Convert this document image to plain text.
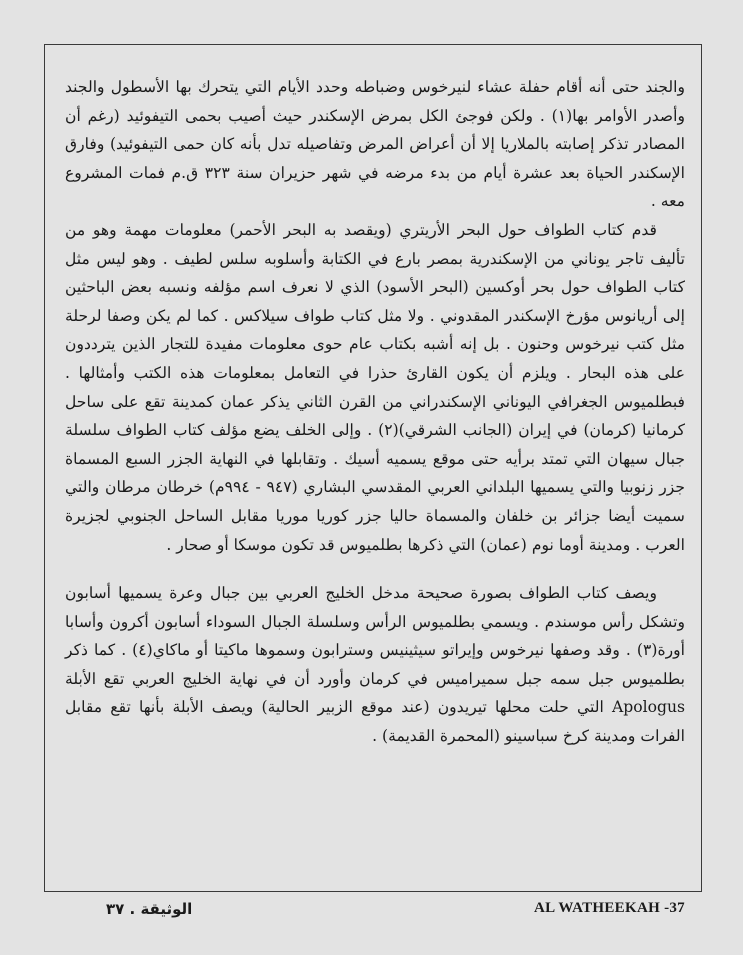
والجند حتى أنه أقام حفلة عشاء لنيرخوس وضباطه وحدد الأيام التي يتحرك بها الأسطول والجند وأصدر الأوامر بها(١) . ولكن فوجئ الكل بمرض الإسكندر حيث أصيب بحمى التيفوئيد (رغم أن المصادر تذكر إصابته بالملاريا إلا أن أعراض المرض وتفاصيله تدل بأنه كان حمى التيفوئيد) وفارق الإسكندر الحياة بعد عشرة أيام من بدء مرضه في شهر حزيران سنة ٣٢٣ ق.م فمات المشروع معه .

قدم كتاب الطواف حول البحر الأريتري (ويقصد به البحر الأحمر) معلومات مهمة وهو من تأليف تاجر يوناني من الإسكندرية بمصر بارع في الكتابة وأسلوبه سلس لطيف . وهو ليس مثل كتاب الطواف حول بحر أوكسين (البحر الأسود) الذي لا نعرف اسم مؤلفه ونسبه بعض الباحثين إلى أريانوس مؤرخ الإسكندر المقدوني . ولا مثل كتاب طواف سيلاكس . كما لم يكن وصفا لرحلة مثل كتب نيرخوس وحنون . بل إنه أشبه بكتاب عام حوى معلومات مفيدة للتجار الذين يترددون على هذه البحار . ويلزم أن يكون القارئ حذرا في التعامل بمعلومات هذه الكتب وأمثالها . فبطلميوس الجغرافي اليوناني الإسكندراني من القرن الثاني يذكر عمان كمدينة تقع على ساحل كرمانيا (كرمان) في إيران (الجانب الشرقي)(٢) . وإلى الخلف يضع مؤلف كتاب الطواف سلسلة جبال سيهان التي تمتد برأيه حتى موقع يسميه أسيك . وتقابلها في النهاية الجزر السبع المسماة جزر زنوبيا والتي يسميها البلداني العربي المقدسي البشاري (٩٤٧ - ٩٩٤م) خرطان مرطان والتي سميت أيضا جزائر بن خلفان والمسماة حاليا جزر كوريا موريا مقابل الساحل الجنوبي لجزيرة العرب . ومدينة أوما نوم (عمان) التي ذكرها بطلميوس قد تكون موسكا أو صحار .

ويصف كتاب الطواف بصورة صحيحة مدخل الخليج العربي بين جبال وعرة يسميها أسابون وتشكل رأس موسندم . ويسمي بطلميوس الرأس وسلسلة الجبال السوداء أسابون أكرون وأسابا أورة(٣) . وقد وصفها نيرخوس وإيراتو سيثينيس وسترابون وسموها ماكيتا أو ماكاي(٤) . كما ذكر بطلميوس جبل سمه جبل سميراميس في كرمان وأورد أن في نهاية الخليج العربي تقع الأبلة Apologus التي حلت محلها تيريدون (عند موقع الزبير الحالية) ويصف الأبلة بأنها تقع مقابل الفرات ومدينة كرخ سباسينو (المحمرة القديمة) .

الوثيقة . ٣٧	AL WATHEEKAH -37
